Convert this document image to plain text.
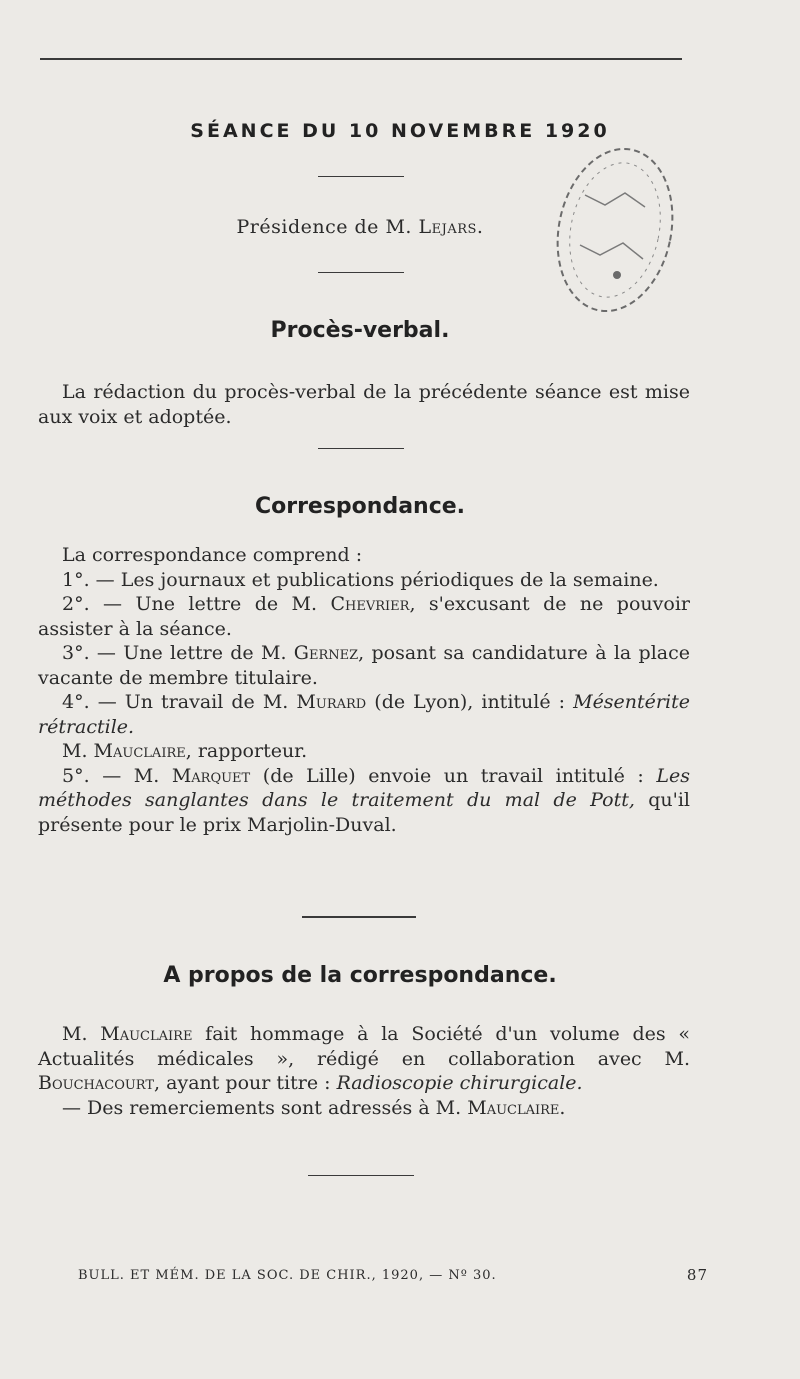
SÉANCE DU 10 NOVEMBRE 1920
Présidence de M. Lejars.
Procès-verbal.

La rédaction du procès-verbal de la précédente séance est mise aux voix et adoptée.

Correspondance.

La correspondance comprend :

1°. — Les journaux et publications périodiques de la semaine.

2°. — Une lettre de M. Chevrier, s'excusant de ne pouvoir assister à la séance.

3°. — Une lettre de M. Gernez, posant sa candidature à la place vacante de membre titulaire.

4°. — Un travail de M. Murard (de Lyon), intitulé : Mésentérite rétractile.

M. Mauclaire, rapporteur.

5°. — M. Marquet (de Lille) envoie un travail intitulé : Les méthodes sanglantes dans le traitement du mal de Pott, qu'il présente pour le prix Marjolin-Duval.

A propos de la correspondance.

M. Mauclaire fait hommage à la Société d'un volume des « Actualités médicales », rédigé en collaboration avec M. Bouchacourt, ayant pour titre : Radioscopie chirurgicale.

— Des remerciements sont adressés à M. Mauclaire.

BULL. ET MÉM. DE LA SOC. DE CHIR., 1920, — Nº 30.	87
